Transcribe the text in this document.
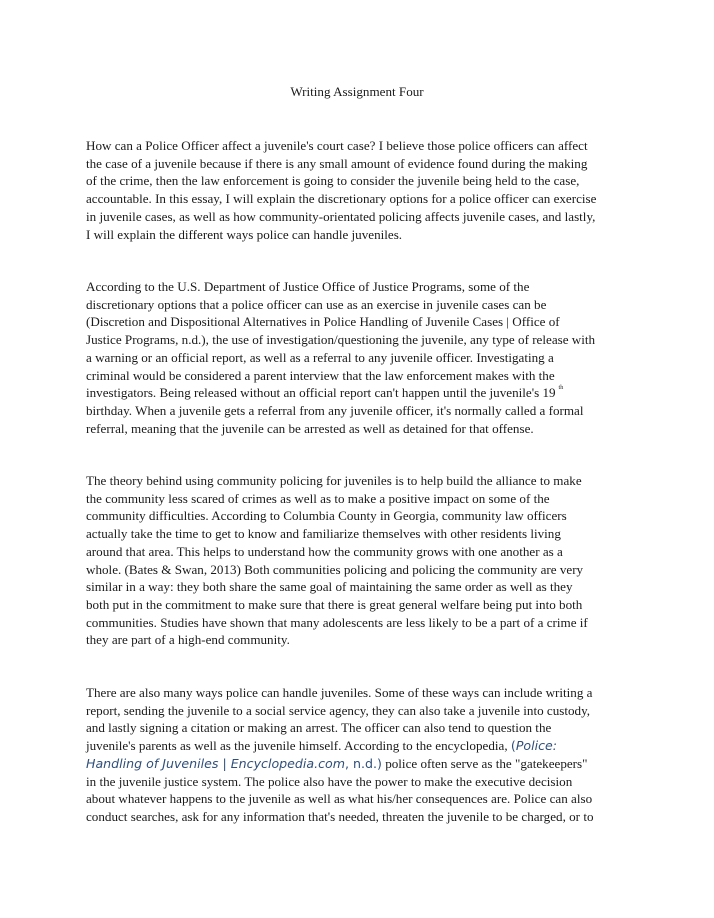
Writing Assignment Four
How can a Police Officer affect a juvenile's court case? I believe those police officers can affect
the case of a juvenile because if there is any small amount of evidence found during the making
of the crime, then the law enforcement is going to consider the juvenile being held to the case,
accountable. In this essay, I will explain the discretionary options for a police officer can exercise
in juvenile cases, as well as how community-orientated policing affects juvenile cases, and lastly,
I will explain the different ways police can handle juveniles.
According to the U.S. Department of Justice Office of Justice Programs, some of the
discretionary options that a police officer can use as an exercise in juvenile cases can be
(Discretion and Dispositional Alternatives in Police Handling of Juvenile Cases | Office of
Justice Programs, n.d.), the use of investigation/questioning the juvenile, any type of release with
a warning or an official report, as well as a referral to any juvenile officer. Investigating a
criminal would be considered a parent interview that the law enforcement makes with the
investigators. Being released without an official report can't happen until the juvenile's 19 $^{th}$
birthday. When a juvenile gets a referral from any juvenile officer, it's normally called a formal
referral, meaning that the juvenile can be arrested as well as detained for that offense.
The theory behind using community policing for juveniles is to help build the alliance to make
the community less scared of crimes as well as to make a positive impact on some of the
community difficulties. According to Columbia County in Georgia, community law officers
actually take the time to get to know and familiarize themselves with other residents living
around that area. This helps to understand how the community grows with one another as a
whole. (Bates & Swan, 2013) Both communities policing and policing the community are very
similar in a way: they both share the same goal of maintaining the same order as well as they
both put in the commitment to make sure that there is great general welfare being put into both
communities. Studies have shown that many adolescents are less likely to be a part of a crime if
they are part of a high-end community.
There are also many ways police can handle juveniles. Some of these ways can include writing a
report, sending the juvenile to a social service agency, they can also take a juvenile into custody,
and lastly signing a citation or making an arrest. The officer can also tend to question the
juvenile's parents as well as the juvenile himself. According to the encyclopedia, (Police:
Handling of Juveniles | Encyclopedia.com, n.d.) police often serve as the "gatekeepers"
in the juvenile justice system. The police also have the power to make the executive decision
about whatever happens to the juvenile as well as what his/her consequences are. Police can also
conduct searches, ask for any information that's needed, threaten the juvenile to be charged, or to
